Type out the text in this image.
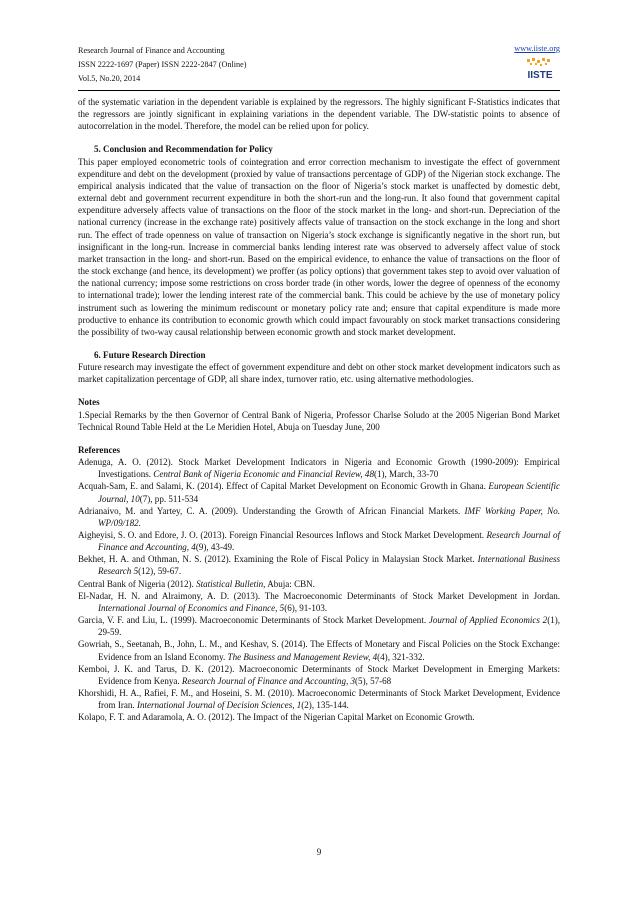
Research Journal of Finance and Accounting
ISSN 2222-1697 (Paper) ISSN 2222-2847 (Online)
Vol.5, No.20, 2014
www.iiste.org
IISTE

of the systematic variation in the dependent variable is explained by the regressors. The highly significant F-Statistics indicates that the regressors are jointly significant in explaining variations in the dependent variable. The DW-statistic points to absence of autocorrelation in the model. Therefore, the model can be relied upon for policy.

5. Conclusion and Recommendation for Policy

This paper employed econometric tools of cointegration and error correction mechanism to investigate the effect of government expenditure and debt on the development (proxied by value of transactions percentage of GDP) of the Nigerian stock exchange. The empirical analysis indicated that the value of transaction on the floor of Nigeria’s stock market is unaffected by domestic debt, external debt and government recurrent expenditure in both the short-run and the long-run. It also found that government capital expenditure adversely affects value of transactions on the floor of the stock market in the long- and short-run. Depreciation of the national currency (increase in the exchange rate) positively affects value of transaction on the stock exchange in the long and short run. The effect of trade openness on value of transaction on Nigeria’s stock exchange is significantly negative in the short run, but insignificant in the long-run. Increase in commercial banks lending interest rate was observed to adversely affect value of stock market transaction in the long- and short-run. Based on the empirical evidence, to enhance the value of transactions on the floor of the stock exchange (and hence, its development) we proffer (as policy options) that government takes step to avoid over valuation of the national currency; impose some restrictions on cross border trade (in other words, lower the degree of openness of the economy to international trade); lower the lending interest rate of the commercial bank. This could be achieve by the use of monetary policy instrument such as lowering the minimum rediscount or monetary policy rate and; ensure that capital expenditure is made more productive to enhance its contribution to economic growth which could impact favourably on stock market transactions considering the possibility of two-way causal relationship between economic growth and stock market development.

6. Future Research Direction

Future research may investigate the effect of government expenditure and debt on other stock market development indicators such as market capitalization percentage of GDP, all share index, turnover ratio, etc. using alternative methodologies.

Notes

1.Special Remarks by the then Governor of Central Bank of Nigeria, Professor Charlse Soludo at the 2005 Nigerian Bond Market Technical Round Table Held at the Le Meridien Hotel, Abuja on Tuesday June, 200

References

Adenuga, A. O. (2012). Stock Market Development Indicators in Nigeria and Economic Growth (1990-2009): Empirical Investigations. Central Bank of Nigeria Economic and Financial Review, 48(1), March, 33-70

Acquah-Sam, E. and Salami, K. (2014). Effect of Capital Market Development on Economic Growth in Ghana. European Scientific Journal, 10(7), pp. 511-534

Adrianaivo, M. and Yartey, C. A. (2009). Understanding the Growth of African Financial Markets. IMF Working Paper, No. WP/09/182.

Aigheyisi, S. O. and Edore, J. O. (2013). Foreign Financial Resources Inflows and Stock Market Development. Research Journal of Finance and Accounting, 4(9), 43-49.

Bekhet, H. A. and Othman, N. S. (2012). Examining the Role of Fiscal Policy in Malaysian Stock Market. International Business Research 5(12), 59-67.

Central Bank of Nigeria (2012). Statistical Bulletin, Abuja: CBN.

El-Nadar, H. N. and Alraimony, A. D. (2013). The Macroeconomic Determinants of Stock Market Development in Jordan. International Journal of Economics and Finance, 5(6), 91-103.

Garcia, V. F. and Liu, L. (1999). Macroeconomic Determinants of Stock Market Development. Journal of Applied Economics 2(1), 29-59.

Gowriah, S., Seetanah, B., John, L. M., and Keshav, S. (2014). The Effects of Monetary and Fiscal Policies on the Stock Exchange: Evidence from an Island Economy. The Business and Management Review, 4(4), 321-332.

Kemboi, J. K. and Tarus, D. K. (2012). Macroeconomic Determinants of Stock Market Development in Emerging Markets: Evidence from Kenya. Research Journal of Finance and Accounting, 3(5), 57-68

Khorshidi, H. A., Rafiei, F. M., and Hoseini, S. M. (2010). Macroeconomic Determinants of Stock Market Development, Evidence from Iran. International Journal of Decision Sciences, 1(2), 135-144.

Kolapo, F. T. and Adaramola, A. O. (2012). The Impact of the Nigerian Capital Market on Economic Growth.

9
